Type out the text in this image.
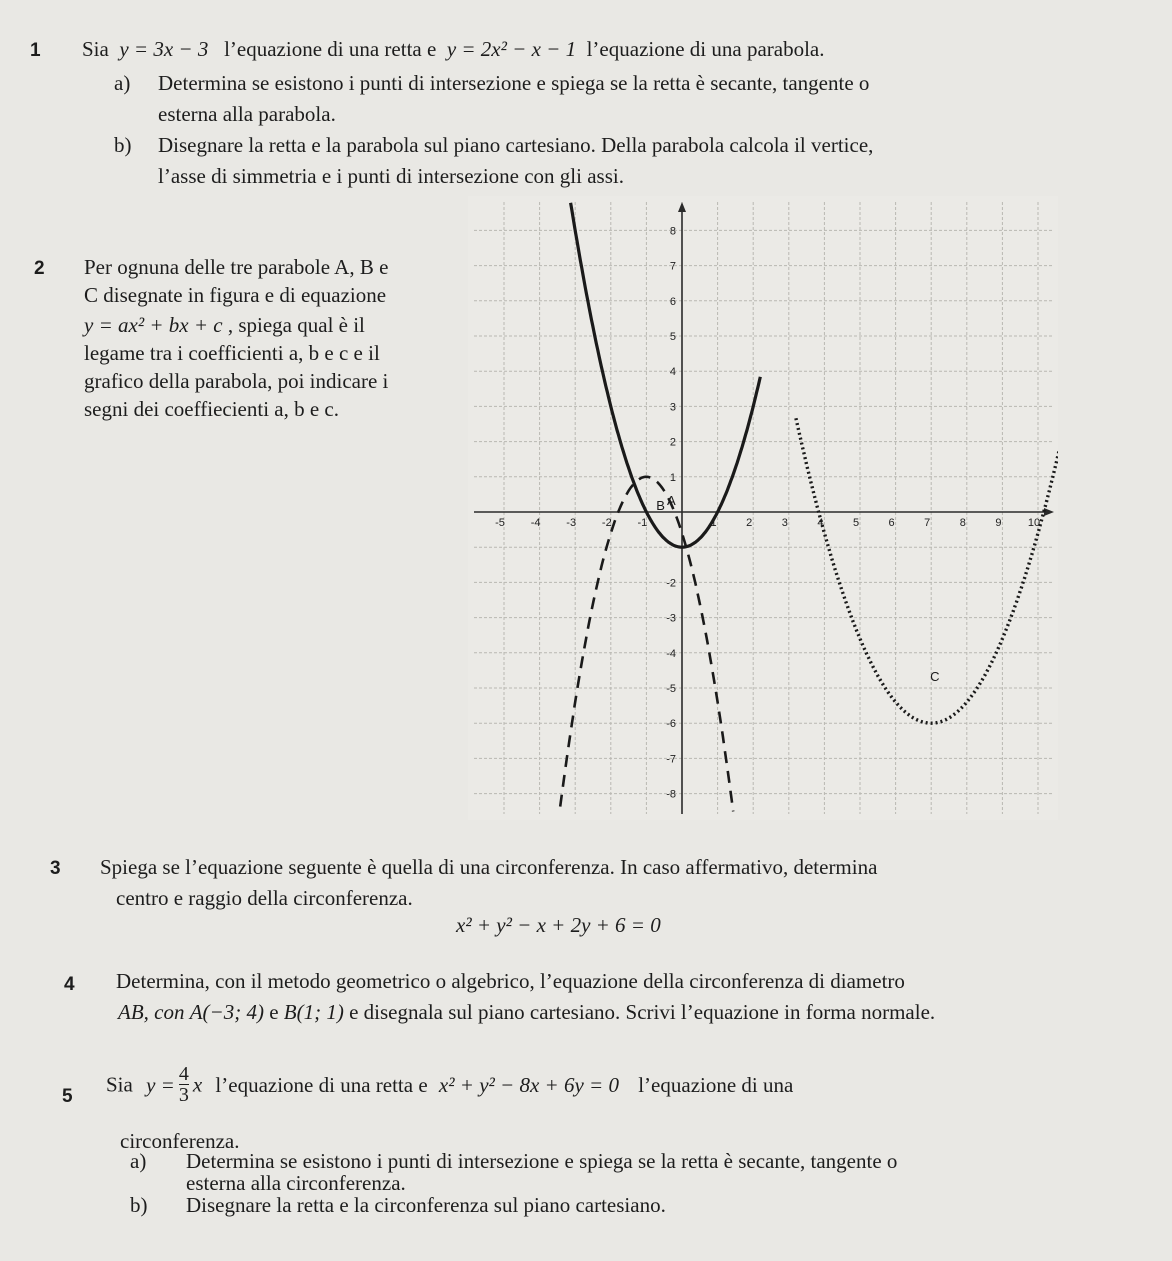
1 Sia y = 3x − 3 l’equazione di una retta e y = 2x² − x − 1 l’equazione di una parabola.
a) Determina se esistono i punti di intersezione e spiega se la retta è secante, tangente o
esterna alla parabola.
b) Disegnare la retta e la parabola sul piano cartesiano. Della parabola calcola il vertice,
l’asse di simmetria e i punti di intersezione con gli assi.
2 Per ognuna delle tre parabole A, B e
C disegnate in figura e di equazione
y = ax² + bx + c , spiega qual è il
legame tra i coefficienti a, b e c e il
grafico della parabola, poi indicare i
segni dei coeffiecienti a, b e c.
-5 -4 -3 -2 -1	1	2	3	4	5	6	7	8	9 10
8
7
6
5
4
3
2
1
-2
-3
-4
-5
-6
-7
-8
A
B
C
3 Spiega se l’equazione seguente è quella di una circonferenza. In caso affermativo, determina
centro e raggio della circonferenza.
x² + y² − x + 2y + 6 = 0
4 Determina, con il metodo geometrico o algebrico, l’equazione della circonferenza di diametro
AB, con A(−3; 4) e B(1; 1) e disegnala sul piano cartesiano. Scrivi l’equazione in forma normale.
5 Sia $y = \frac{4}{3}$ x l’equazione di una retta e x² + y² − 8x + 6y = 0 l’equazione di una
circonferenza.
a) Determina se esistono i punti di intersezione e spiega se la retta è secante, tangente o
esterna alla circonferenza.
b) Disegnare la retta e la circonferenza sul piano cartesiano.
